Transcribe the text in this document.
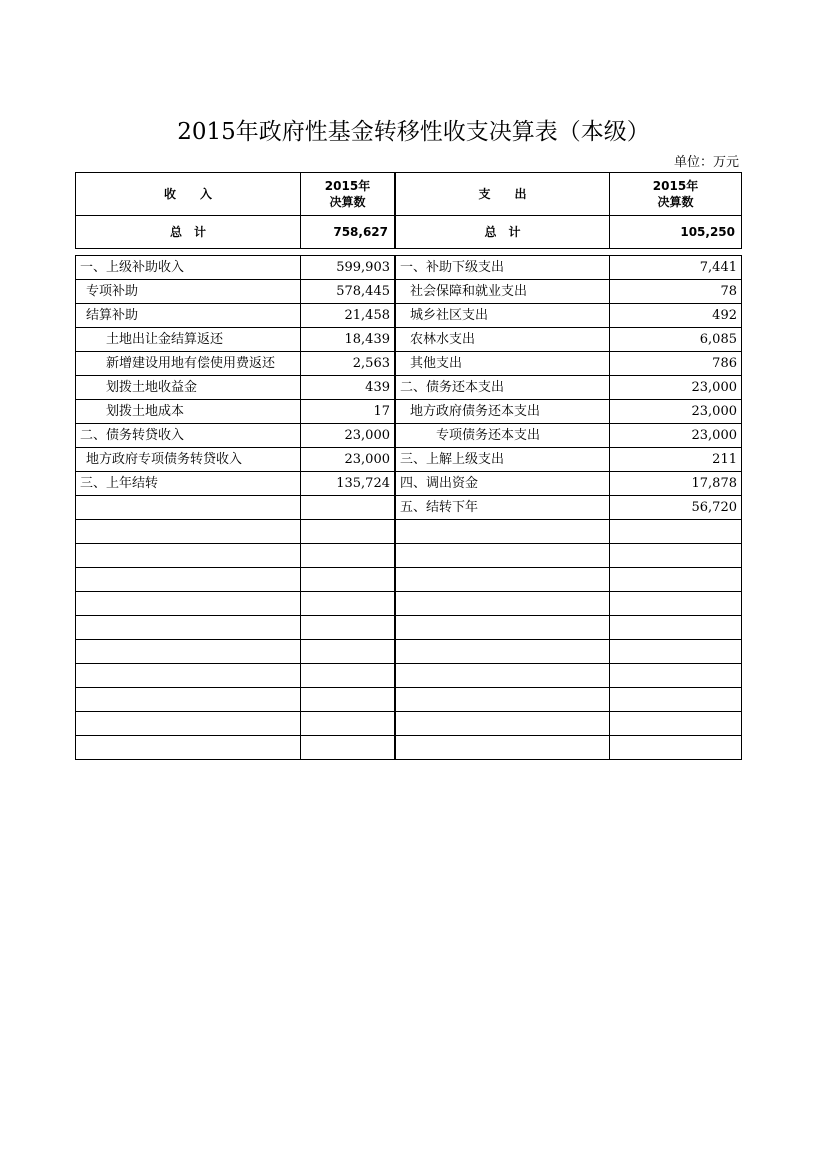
2015年政府性基金转移性收支决算表（本级）
单位：万元
收　　入	2015年
决算数		支　　出	2015年
决算数
总　计	758,627		总　计	105,250

一、上级补助收入	599,903		一、补助下级支出	7,441
专项补助	578,445		社会保障和就业支出	78
结算补助	21,458		城乡社区支出	492
土地出让金结算返还	18,439		农林水支出	6,085
新增建设用地有偿使用费返还	2,563		其他支出	786
划拨土地收益金	439		二、债务还本支出	23,000
划拨土地成本	17		地方政府债务还本支出	23,000
二、债务转贷收入	23,000		专项债务还本支出	23,000
地方政府专项债务转贷收入	23,000		三、上解上级支出	211
三、上年结转	135,724		四、调出资金	17,878
			五、结转下年	56,720
